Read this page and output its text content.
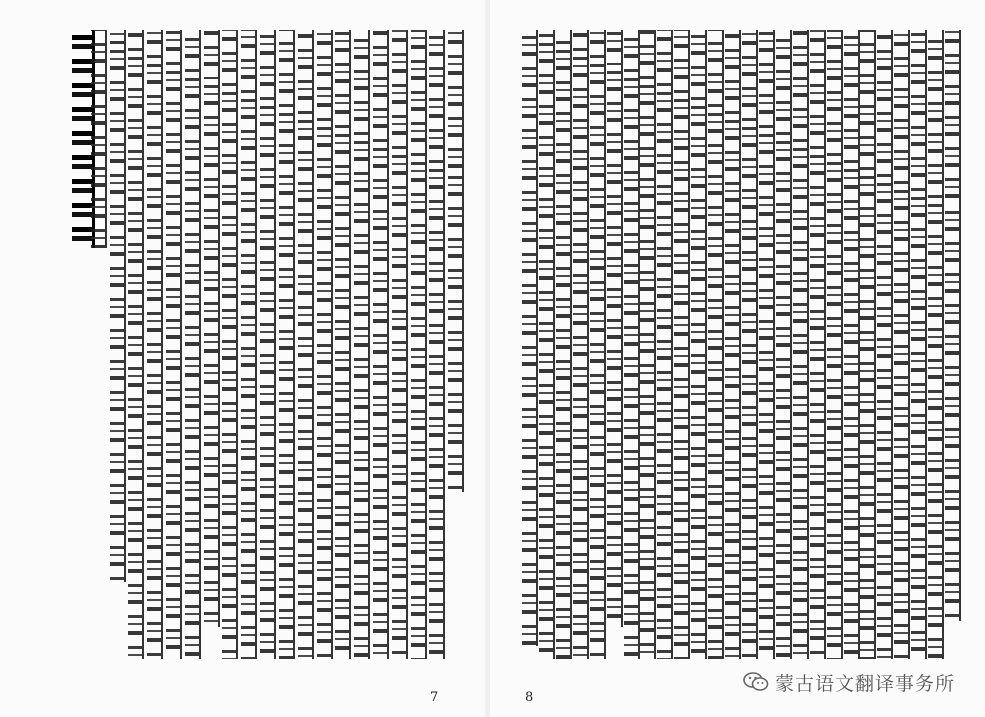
7	8
蒙古语文翻译事务所
